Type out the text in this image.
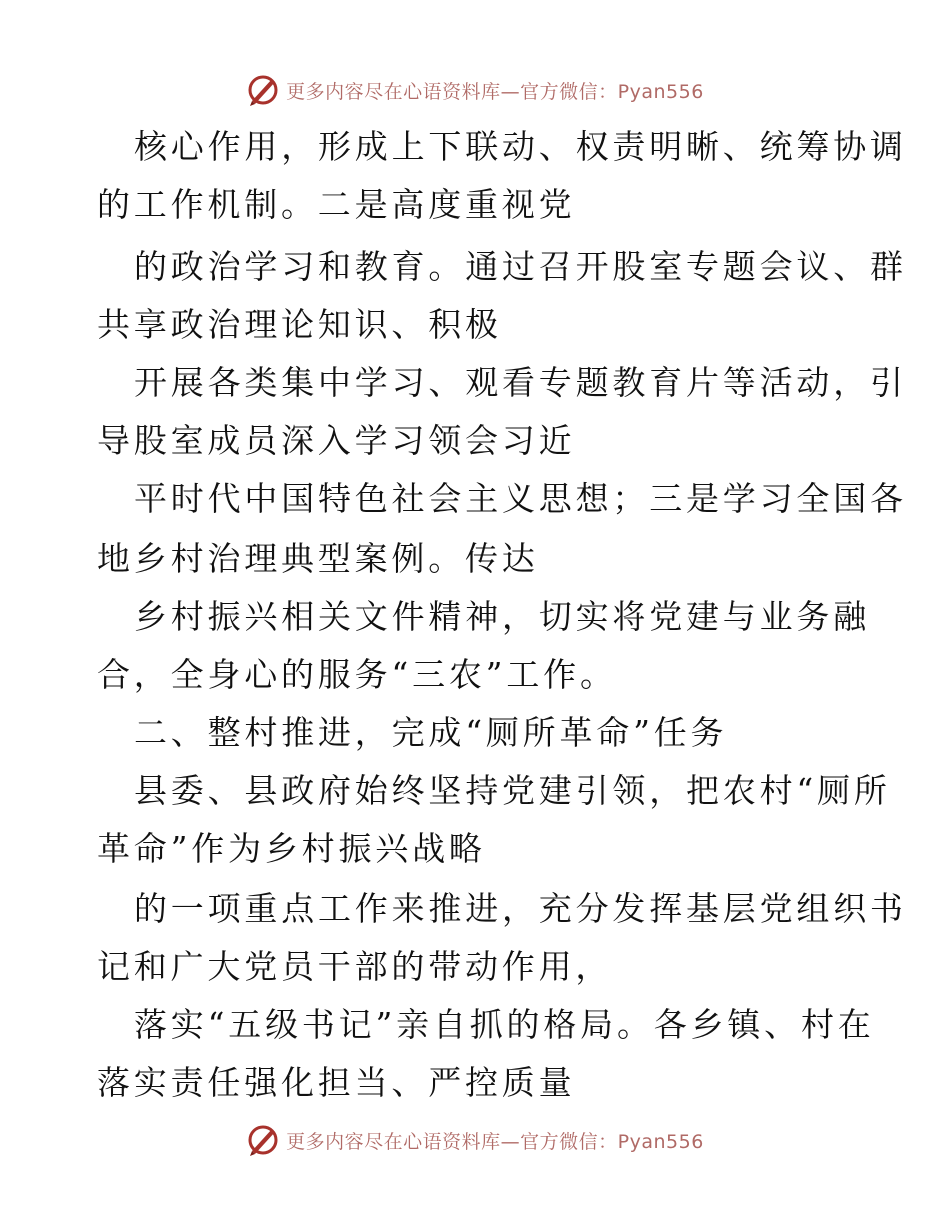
更多内容尽在心语资料库—官方微信：Pyan556
核心作用，形成上下联动、权责明晰、统筹协调
的工作机制。二是高度重视党
的政治学习和教育。通过召开股室专题会议、群
共享政治理论知识、积极
开展各类集中学习、观看专题教育片等活动，引
导股室成员深入学习领会习近
平时代中国特色社会主义思想；三是学习全国各
地乡村治理典型案例。传达
乡村振兴相关文件精神，切实将党建与业务融
合，全身心的服务“三农”工作。
二、整村推进，完成“厕所革命”任务
县委、县政府始终坚持党建引领，把农村“厕所
革命”作为乡村振兴战略
的一项重点工作来推进，充分发挥基层党组织书
记和广大党员干部的带动作用，
落实“五级书记”亲自抓的格局。各乡镇、村在
落实责任强化担当、严控质量
更多内容尽在心语资料库—官方微信：Pyan556
